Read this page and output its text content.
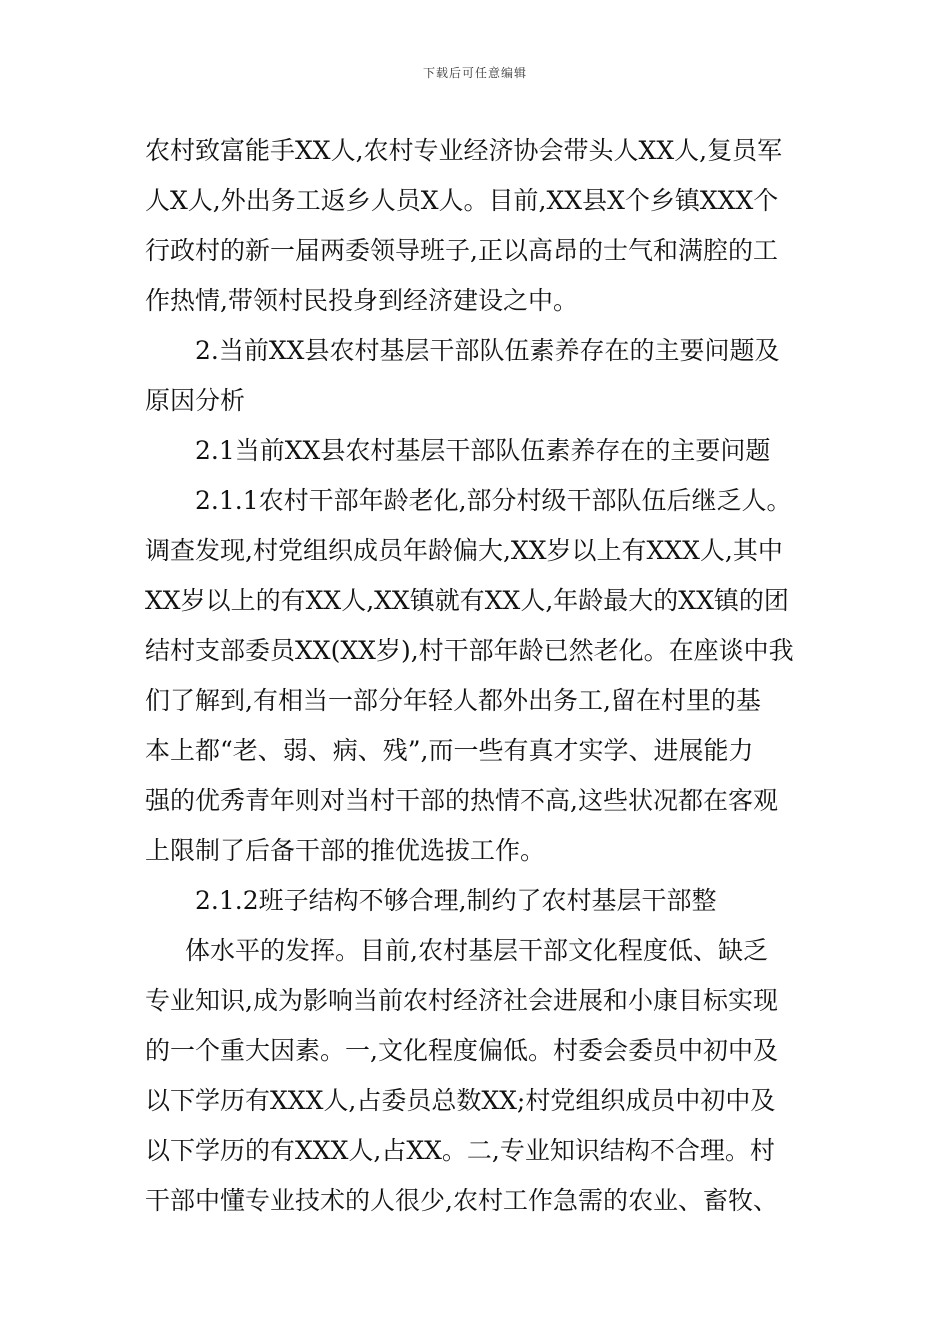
下载后可任意编辑
农村致富能手XX人,农村专业经济协会带头人XX人,复员军
人X人,外出务工返乡人员X人。目前,XX县X个乡镇XXX个
行政村的新一届两委领导班子,正以高昂的士气和满腔的工
作热情,带领村民投身到经济建设之中。
2.当前XX县农村基层干部队伍素养存在的主要问题及
原因分析
2.1当前XX县农村基层干部队伍素养存在的主要问题
2.1.1农村干部年龄老化,部分村级干部队伍后继乏人。
调查发现,村党组织成员年龄偏大,XX岁以上有XXX人,其中
XX岁以上的有XX人,XX镇就有XX人,年龄最大的XX镇的团
结村支部委员XX(XX岁),村干部年龄已然老化。在座谈中我
们了解到,有相当一部分年轻人都外出务工,留在村里的基
本上都“老、弱、病、残”,而一些有真才实学、进展能力
强的优秀青年则对当村干部的热情不高,这些状况都在客观
上限制了后备干部的推优选拔工作。
2.1.2班子结构不够合理,制约了农村基层干部整
体水平的发挥。目前,农村基层干部文化程度低、缺乏
专业知识,成为影响当前农村经济社会进展和小康目标实现
的一个重大因素。一,文化程度偏低。村委会委员中初中及
以下学历有XXX人,占委员总数XX;村党组织成员中初中及
以下学历的有XXX人,占XX。二,专业知识结构不合理。村
干部中懂专业技术的人很少,农村工作急需的农业、畜牧、
